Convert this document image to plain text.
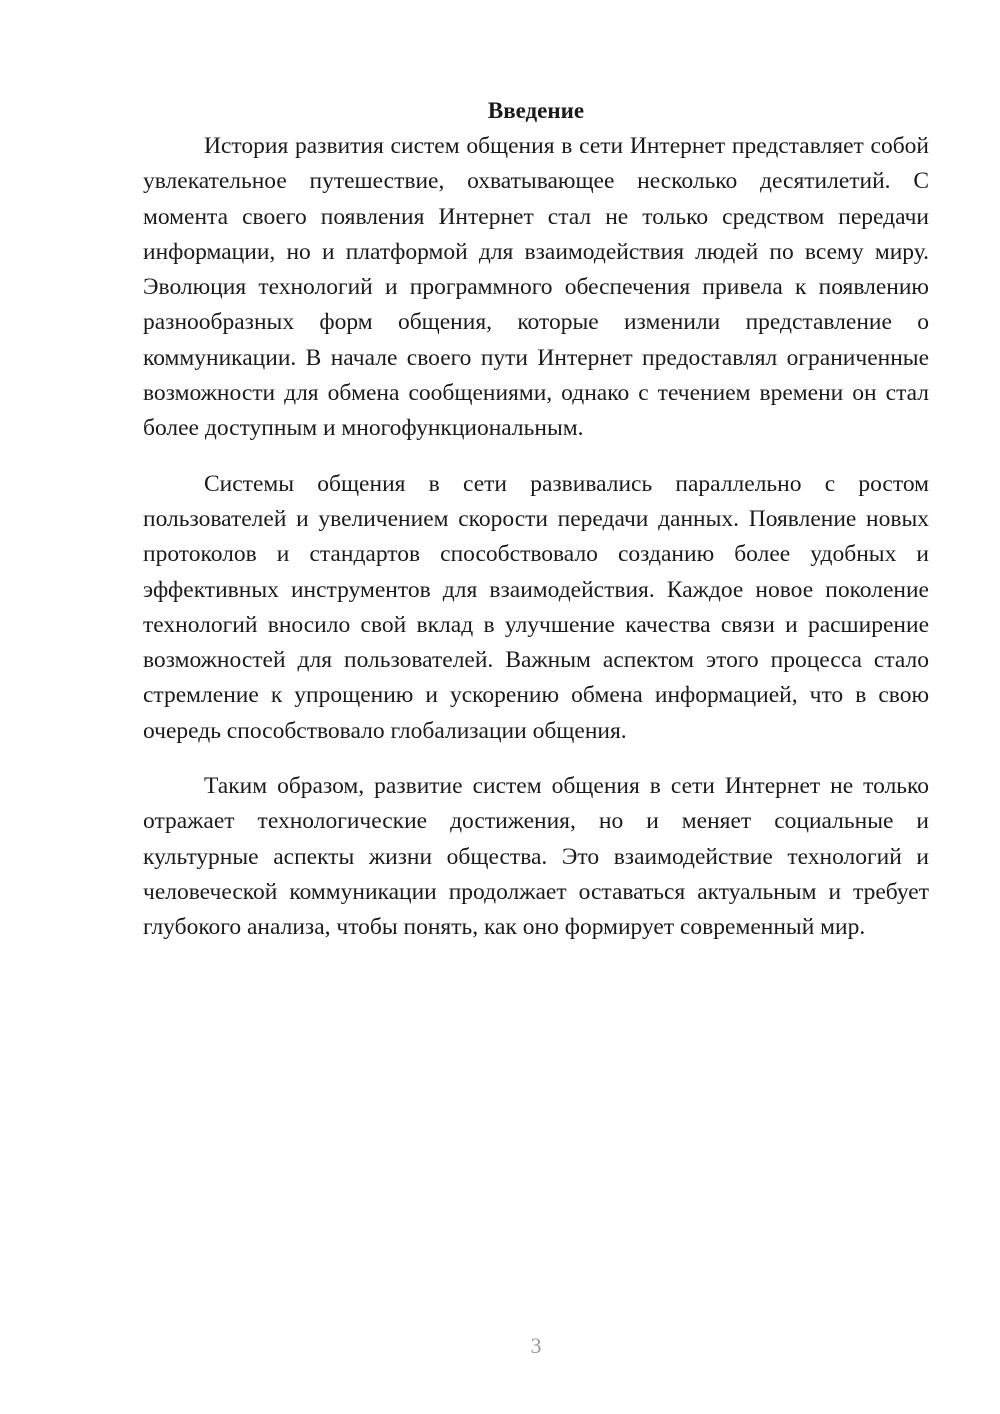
Введение

История развития систем общения в сети Интернет представляет собой увлекательное путешествие, охватывающее несколько десятилетий. С момента своего появления Интернет стал не только средством передачи информации, но и платформой для взаимодействия людей по всему миру. Эволюция технологий и программного обеспечения привела к появлению разнообразных форм общения, которые изменили представление о коммуникации. В начале своего пути Интернет предоставлял ограниченные возможности для обмена сообщениями, однако с течением времени он стал более доступным и многофункциональным.

Системы общения в сети развивались параллельно с ростом пользователей и увеличением скорости передачи данных. Появление новых протоколов и стандартов способствовало созданию более удобных и эффективных инструментов для взаимодействия. Каждое новое поколение технологий вносило свой вклад в улучшение качества связи и расширение возможностей для пользователей. Важным аспектом этого процесса стало стремление к упрощению и ускорению обмена информацией, что в свою очередь способствовало глобализации общения.

Таким образом, развитие систем общения в сети Интернет не только отражает технологические достижения, но и меняет социальные и культурные аспекты жизни общества. Это взаимодействие технологий и человеческой коммуникации продолжает оставаться актуальным и требует глубокого анализа, чтобы понять, как оно формирует современный мир.

3
